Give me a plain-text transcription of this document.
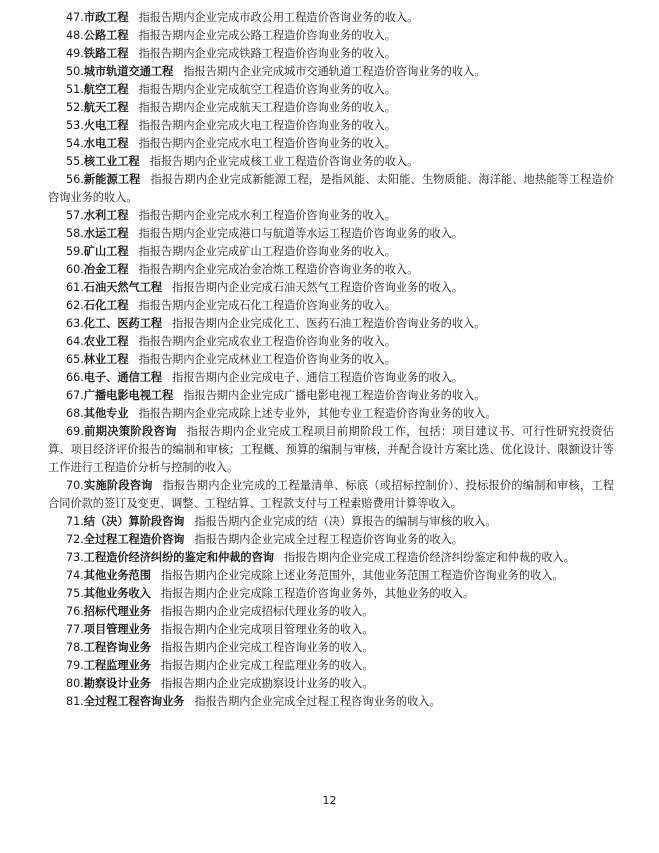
47.市政工程 指报告期内企业完成市政公用工程造价咨询业务的收入。

48.公路工程 指报告期内企业完成公路工程造价咨询业务的收入。

49.铁路工程 指报告期内企业完成铁路工程造价咨询业务的收入。

50.城市轨道交通工程 指报告期内企业完成城市交通轨道工程造价咨询业务的收入。

51.航空工程 指报告期内企业完成航空工程造价咨询业务的收入。

52.航天工程 指报告期内企业完成航天工程造价咨询业务的收入。

53.火电工程 指报告期内企业完成火电工程造价咨询业务的收入。

54.水电工程 指报告期内企业完成水电工程造价咨询业务的收入。

55.核工业工程 指报告期内企业完成核工业工程造价咨询业务的收入。

56.新能源工程 指报告期内企业完成新能源工程，是指风能、太阳能、生物质能、海洋能、地热能等工程造价咨询业务的收入。

57.水利工程 指报告期内企业完成水利工程造价咨询业务的收入。

58.水运工程 指报告期内企业完成港口与航道等水运工程造价咨询业务的收入。

59.矿山工程 指报告期内企业完成矿山工程造价咨询业务的收入。

60.冶金工程 指报告期内企业完成冶金冶炼工程造价咨询业务的收入。

61.石油天然气工程 指报告期内企业完成石油天然气工程造价咨询业务的收入。

62.石化工程 指报告期内企业完成石化工程造价咨询业务的收入。

63.化工、医药工程 指报告期内企业完成化工、医药石油工程造价咨询业务的收入。

64.农业工程 指报告期内企业完成农业工程造价咨询业务的收入。

65.林业工程 指报告期内企业完成林业工程造价咨询业务的收入。

66.电子、通信工程 指报告期内企业完成电子、通信工程造价咨询业务的收入。

67.广播电影电视工程 指报告期内企业完成广播电影电视工程造价咨询业务的收入。

68.其他专业 指报告期内企业完成除上述专业外，其他专业工程造价咨询业务的收入。

69.前期决策阶段咨询 指报告期内企业完成工程项目前期阶段工作，包括：项目建议书、可行性研究投资估算、项目经济评价报告的编制和审核；工程概、预算的编制与审核，并配合设计方案比选、优化设计、限额设计等工作进行工程造价分析与控制的收入。

70.实施阶段咨询 指报告期内企业完成的工程量清单、标底（或招标控制价）、投标报价的编制和审核，工程合同价款的签订及变更、调整、工程结算、工程款支付与工程索赔费用计算等收入。

71.结（决）算阶段咨询 指报告期内企业完成的结（决）算报告的编制与审核的收入。

72.全过程工程造价咨询 指报告期内企业完成全过程工程造价咨询业务的收入。

73.工程造价经济纠纷的鉴定和仲裁的咨询 指报告期内企业完成工程造价经济纠纷鉴定和仲裁的收入。

74.其他业务范围 指报告期内企业完成除上述业务范围外，其他业务范围工程造价咨询业务的收入。

75.其他业务收入 指报告期内企业完成除工程造价咨询业务外，其他业务的收入。

76.招标代理业务 指报告期内企业完成招标代理业务的收入。

77.项目管理业务 指报告期内企业完成项目管理业务的收入。

78.工程咨询业务 指报告期内企业完成工程咨询业务的收入。

79.工程监理业务 指报告期内企业完成工程监理业务的收入。

80.勘察设计业务 指报告期内企业完成勘察设计业务的收入。

81.全过程工程咨询业务 指报告期内企业完成全过程工程咨询业务的收入。

12
